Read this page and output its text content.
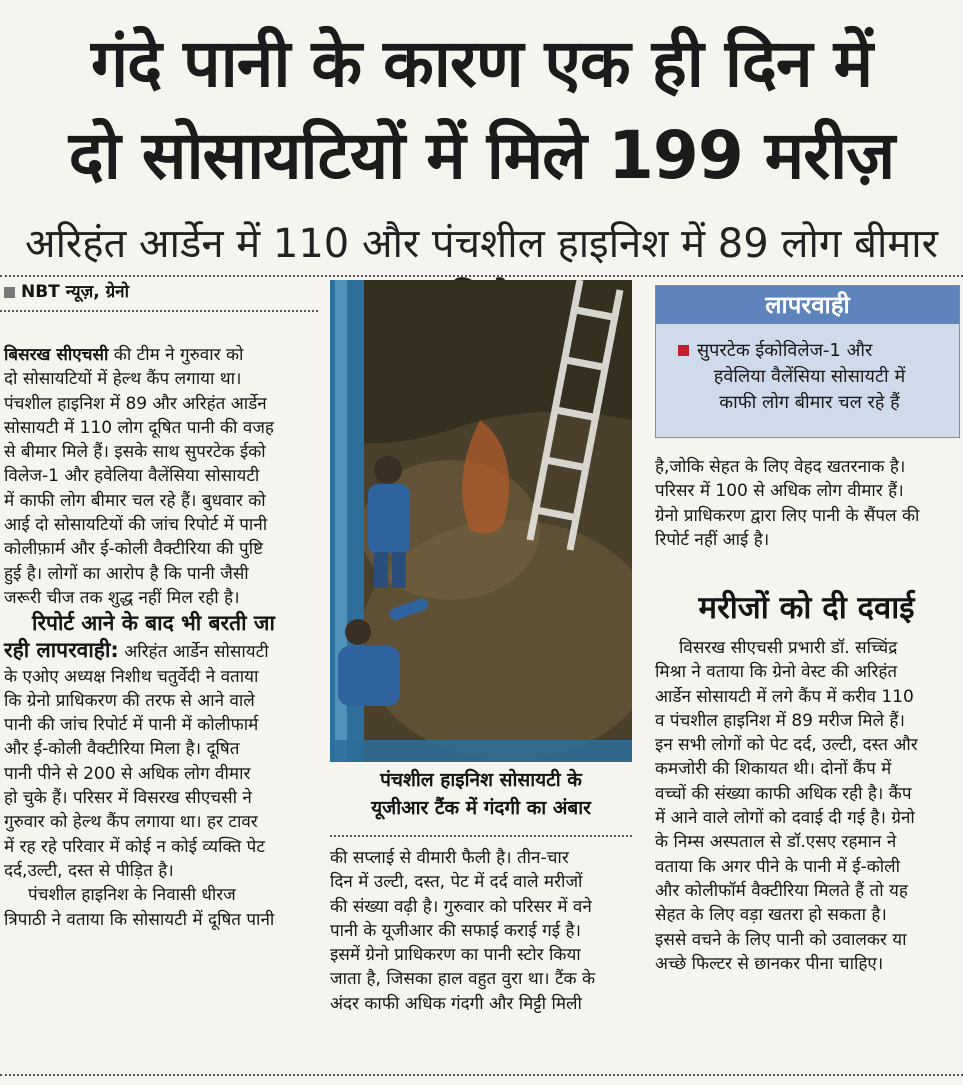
गंदे पानी के कारण एक ही दिन में
दो सोसायटियों में मिले 199 मरीज़
अरिहंत आर्डेन में 110 और पंचशील हाइनिश में 89 लोग बीमार
NBT न्यूज़, ग्रेनो

बिसरख सीएचसी की टीम ने गुरुवार को

दो सोसायटियों में हेल्थ कैंप लगाया था।

पंचशील हाइनिश में 89 और अरिहंत आर्डेन

सोसायटी में 110 लोग दूषित पानी की वजह

से बीमार मिले हैं। इसके साथ सुपरटेक ईको

विलेज-1 और हवेलिया वैलेंसिया सोसायटी

में काफी लोग बीमार चल रहे हैं। बुधवार को

आई दो सोसायटियों की जांच रिपोर्ट में पानी

कोलीफ़ार्म और ई-कोली वैक्टीरिया की पुष्टि

हुई है। लोगों का आरोप है कि पानी जैसी

जरूरी चीज तक शुद्ध नहीं मिल रही है।

रिपोर्ट आने के बाद भी बरती जा

रही लापरवाही: अरिहंत आर्डेन सोसायटी

के एओए अध्यक्ष निशीथ चतुर्वेदी ने वताया

कि ग्रेनो प्राधिकरण की तरफ से आने वाले

पानी की जांच रिपोर्ट में पानी में कोलीफार्म

और ई-कोली वैक्टीरिया मिला है। दूषित

पानी पीने से 200 से अधिक लोग वीमार

हो चुके हैं। परिसर में विसरख सीएचसी ने

गुरुवार को हेल्थ कैंप लगाया था। हर टावर

में रह रहे परिवार में कोई न कोई व्यक्ति पेट

दर्द,उल्टी, दस्त से पीड़ित है।

पंचशील हाइनिश के निवासी धीरज

त्रिपाठी ने वताया कि सोसायटी में दूषित पानी

पंचशील हाइनिश सोसायटी के
यूजीआर टैंक में गंदगी का अंबार

की सप्लाई से वीमारी फैली है। तीन-चार

दिन में उल्टी, दस्त, पेट में दर्द वाले मरीजों

की संख्या वढ़ी है। गुरुवार को परिसर में वने

पानी के यूजीआर की सफाई कराई गई है।

इसमें ग्रेनो प्राधिकरण का पानी स्टोर किया

जाता है, जिसका हाल वहुत वुरा था। टैंक के

अंदर काफी अधिक गंदगी और मिट्टी मिली

लापरवाही
सुपरटेक ईकोविलेज-1 और
हवेलिया वैलेंसिया सोसायटी में
काफी लोग बीमार चल रहे हैं

है,जोकि सेहत के लिए वेहद खतरनाक है।

परिसर में 100 से अधिक लोग वीमार हैं।

ग्रेनो प्राधिकरण द्वारा लिए पानी के सैंपल की

रिपोर्ट नहीं आई है।

मरीजों को दी दवाई

विसरख सीएचसी प्रभारी डॉ. सच्चिंद्र

मिश्रा ने वताया कि ग्रेनो वेस्ट की अरिहंत

आर्डेन सोसायटी में लगे कैंप में करीव 110

व पंचशील हाइनिश में 89 मरीज मिले हैं।

इन सभी लोगों को पेट दर्द, उल्टी, दस्त और

कमजोरी की शिकायत थी। दोनों कैंप में

वच्चों की संख्या काफी अधिक रही है। कैंप

में आने वाले लोगों को दवाई दी गई है। ग्रेनो

के निम्स अस्पताल से डॉ.एसए रहमान ने

वताया कि अगर पीने के पानी में ई-कोली

और कोलीफॉर्म वैक्टीरिया मिलते हैं तो यह

सेहत के लिए वड़ा खतरा हो सकता है।

इससे वचने के लिए पानी को उवालकर या

अच्छे फिल्टर से छानकर पीना चाहिए।
